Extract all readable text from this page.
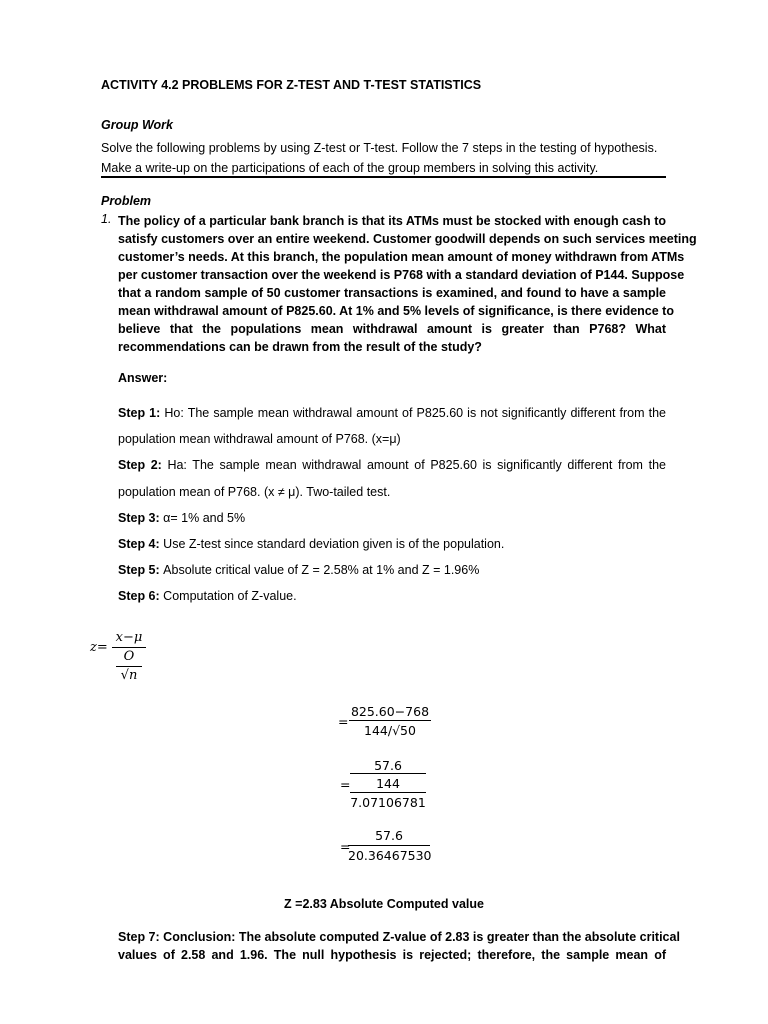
ACTIVITY 4.2 PROBLEMS FOR Z-TEST AND T-TEST STATISTICS
Group Work
Solve the following problems by using Z-test or T-test. Follow the 7 steps in the testing of hypothesis.
Make a write-up on the participations of each of the group members in solving this activity.
Problem
1. The policy of a particular bank branch is that its ATMs must be stocked with enough cash to
satisfy customers over an entire weekend. Customer goodwill depends on such services meeting
customer’s needs. At this branch, the population mean amount of money withdrawn from ATMs
per customer transaction over the weekend is P768 with a standard deviation of P144. Suppose
that a random sample of 50 customer transactions is examined, and found to have a sample
mean withdrawal amount of P825.60. At 1% and 5% levels of significance, is there evidence to
believe that the populations mean withdrawal amount is greater than P768? What
recommendations can be drawn from the result of the study?
Answer:
Step 1: Ho: The sample mean withdrawal amount of P825.60 is not significantly different from the
population mean withdrawal amount of P768. (x=μ)
Step 2: Ha: The sample mean withdrawal amount of P825.60 is significantly different from the
population mean of P768. (x ≠ μ). Two-tailed test.
Step 3: α= 1% and 5%
Step 4: Use Z-test since standard deviation given is of the population.
Step 5: Absolute critical value of Z = 2.58% at 1% and Z = 1.96%
Step 6: Computation of Z-value.
z=
x−μ
O
√n
=
825.60−768
144/√50
=
57.6
144
7.07106781
=
57.6
20.36467530
Z =2.83 Absolute Computed value
Step 7: Conclusion: The absolute computed Z-value of 2.83 is greater than the absolute critical
values of 2.58 and 1.96. The null hypothesis is rejected; therefore, the sample mean of
